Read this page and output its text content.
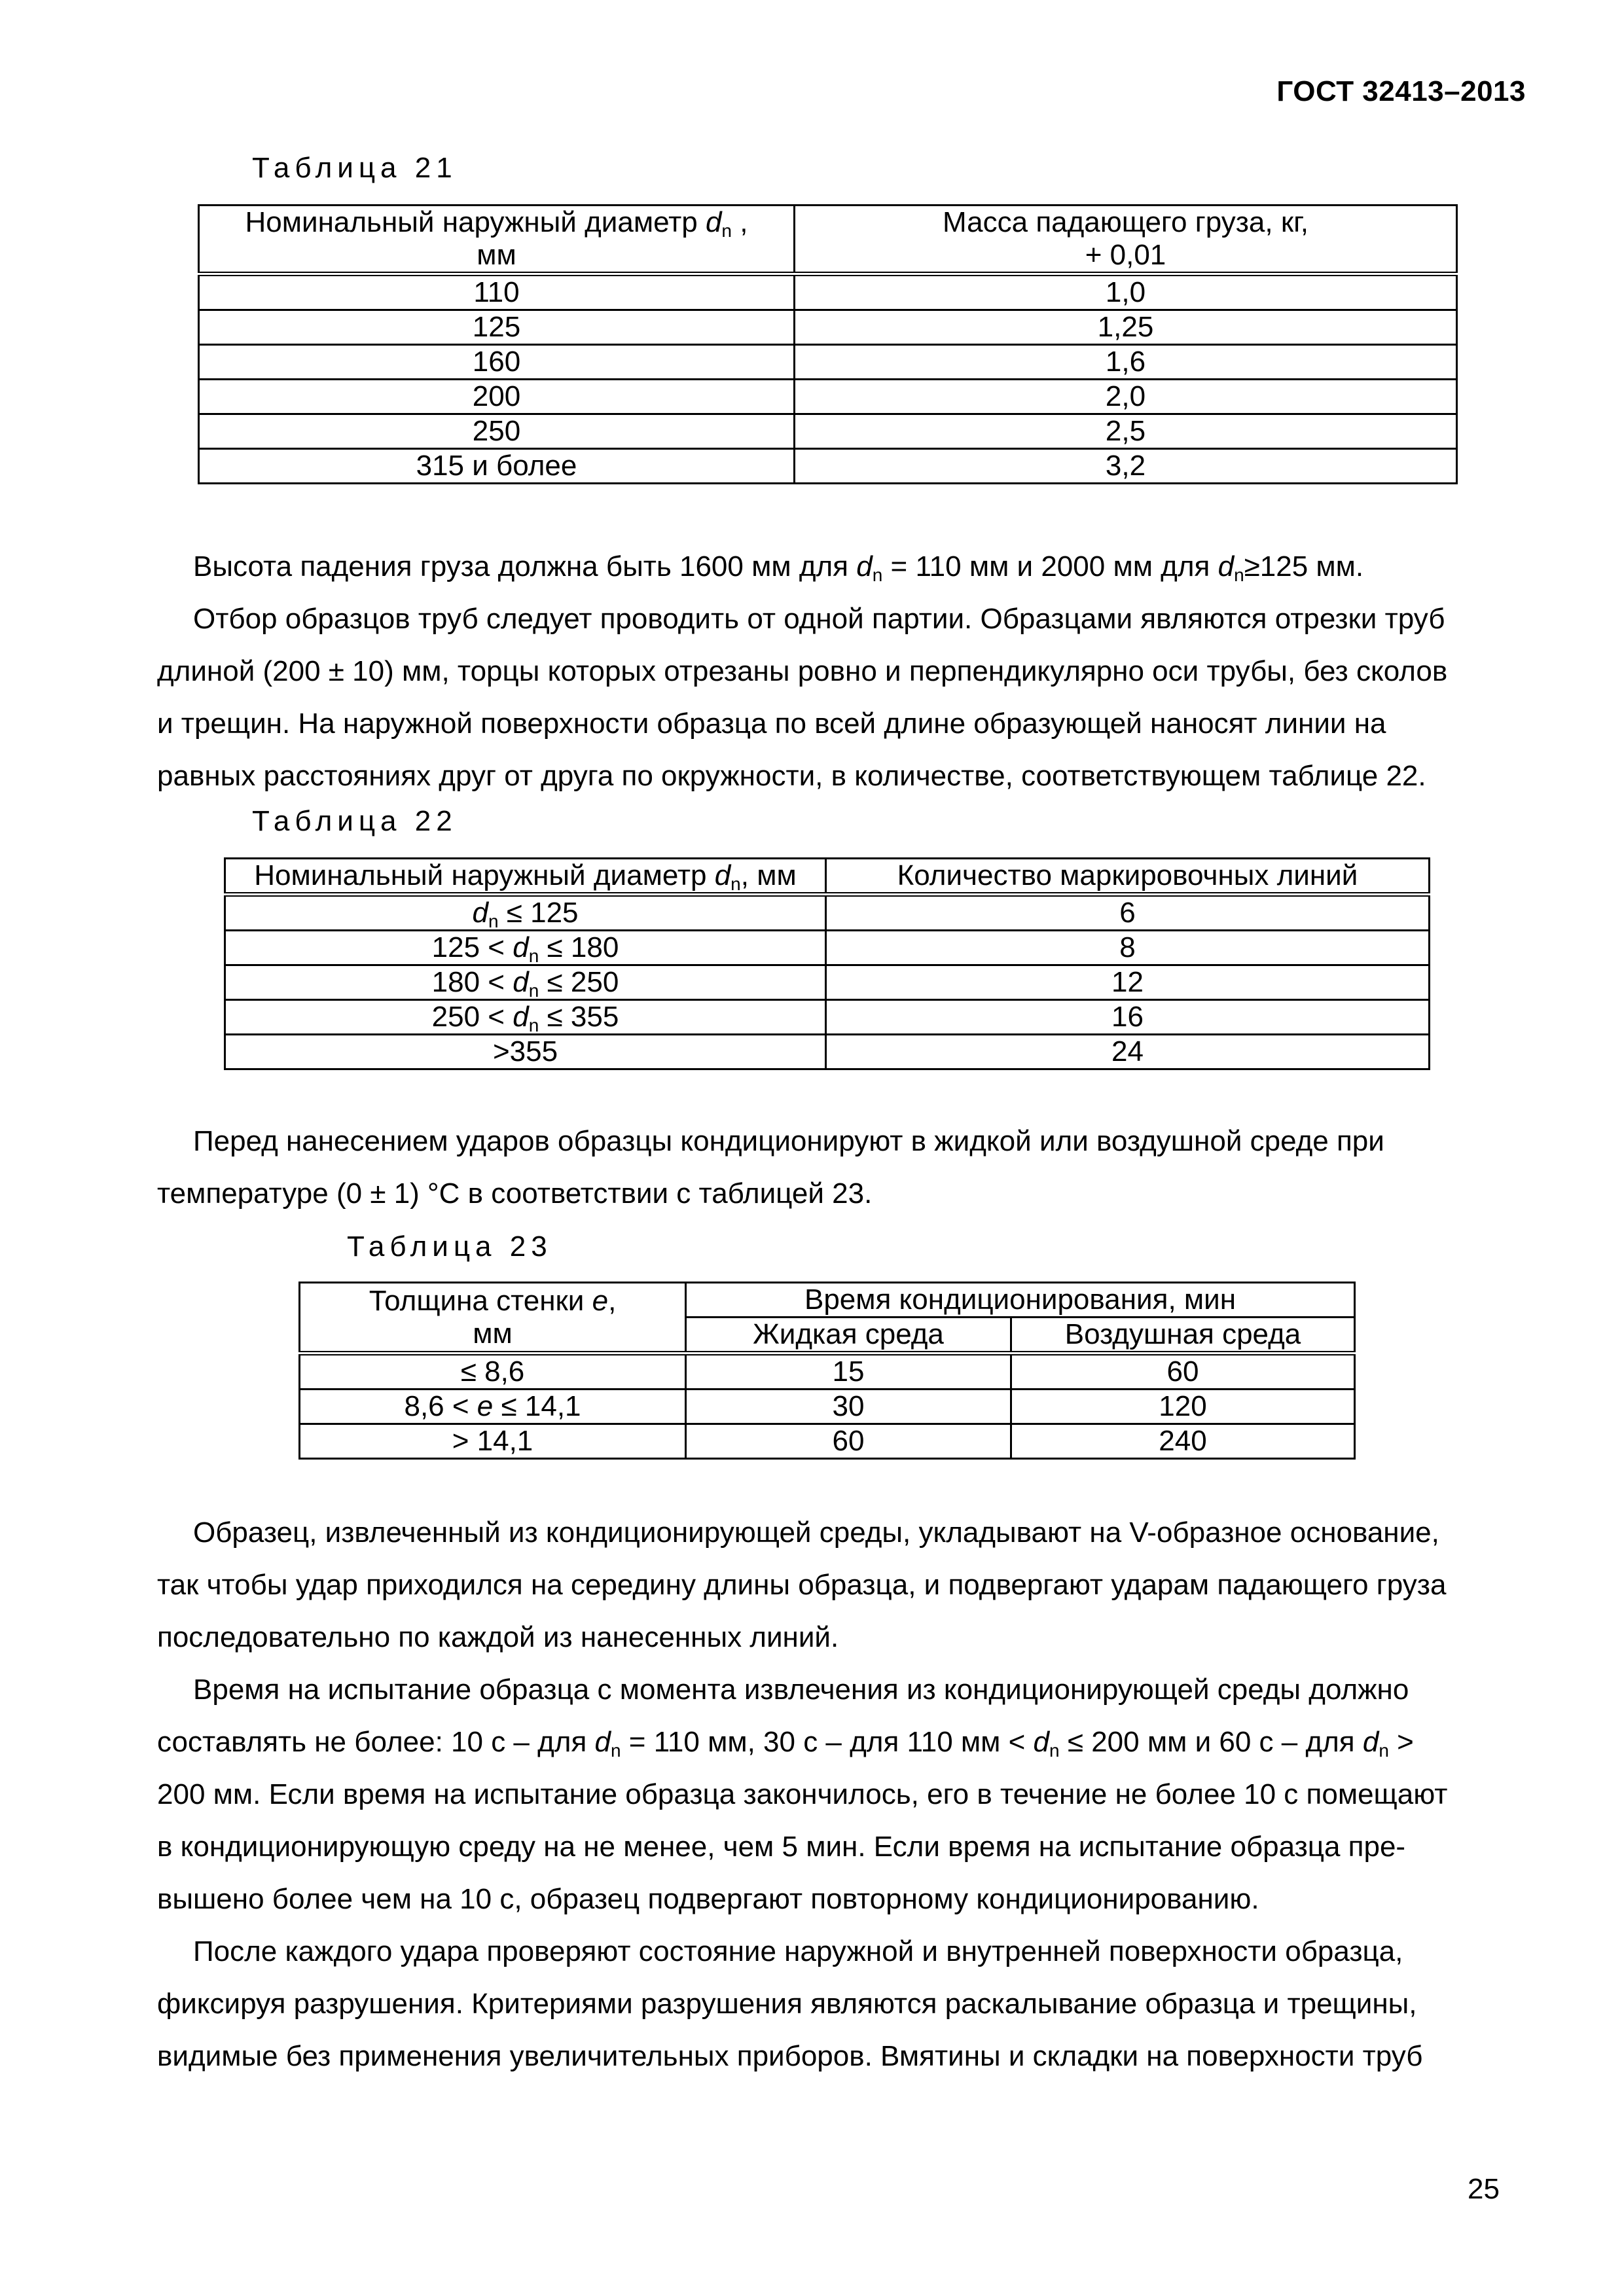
ГОСТ 32413–2013
Таблица 21
Номинальный наружный диаметр $d_n$ ,
мм	Масса падающего груза, кг,
+ 0,01
110	1,0
125	1,25
160	1,6
200	2,0
250	2,5
315 и более	3,2

Высота падения груза должна быть 1600 мм для $d_n = 110$ мм и 2000 мм для $d_n\ge 125$ мм.

Отбор образцов труб следует проводить от одной партии. Образцами являются отрезки труб
длиной (200 ± 10) мм, торцы которых отрезаны ровно и перпендикулярно оси трубы, без сколов
и трещин. На наружной поверхности образца по всей длине образующей наносят линии на
равных расстояниях друг от друга по окружности, в количестве, соответствующем таблице 22.

Таблица 22
Номинальный наружный диаметр $d_n$, мм	Количество маркировочных линий
$d_n \le 125$	6
$125 < d_n \le 180$	8
$180 < d_n \le 250$	12
$250 < d_n \le 355$	16
>355	24

Перед нанесением ударов образцы кондиционируют в жидкой или воздушной среде при
температуре (0 ± 1) °С в соответствии с таблицей 23.

Таблица 23
Толщина стенки e,
мм	Время кондиционирования, мин	
	Жидкая среда	Воздушная среда
≤ 8,6	15	60
8,6 < e ≤ 14,1	30	120
> 14,1	60	240

Образец, извлеченный из кондиционирующей среды, укладывают на V-образное основание,
так чтобы удар приходился на середину длины образца, и подвергают ударам падающего груза
последовательно по каждой из нанесенных линий.

Время на испытание образца с момента извлечения из кондиционирующей среды должно
составлять не более: 10 с – для $d_n = 110$ мм, 30 с – для 110 мм < $d_n \le 200$ мм и 60 с – для $d_n$ >
200 мм. Если время на испытание образца закончилось, его в течение не более 10 с помещают
в кондиционирующую среду на не менее, чем 5 мин. Если время на испытание образца пре-
вышено более чем на 10 с, образец подвергают повторному кондиционированию.

После каждого удара проверяют состояние наружной и внутренней поверхности образца,
фиксируя разрушения. Критериями разрушения являются раскалывание образца и трещины,
видимые без применения увеличительных приборов. Вмятины и складки на поверхности труб

25
